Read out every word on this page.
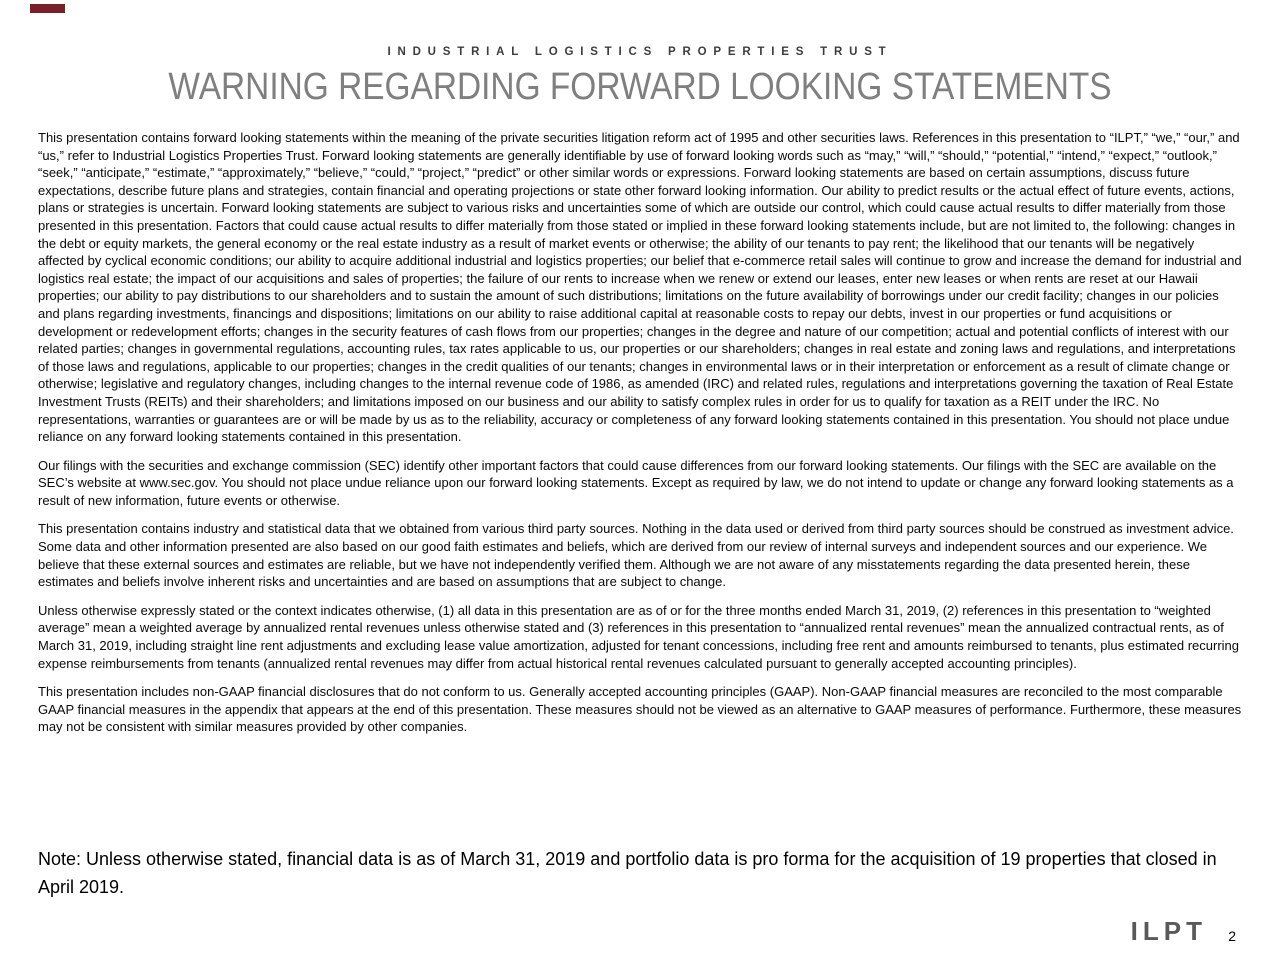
INDUSTRIAL LOGISTICS PROPERTIES TRUST
WARNING REGARDING FORWARD LOOKING STATEMENTS

This presentation contains forward looking statements within the meaning of the private securities litigation reform act of 1995 and other securities laws. References in this presentation to “ILPT,” “we,” “our,” and “us,” refer to Industrial Logistics Properties Trust. Forward looking statements are generally identifiable by use of forward looking words such as “may,” “will,” “should,” “potential,” “intend,” “expect,” “outlook,” “seek,” “anticipate,” “estimate,” “approximately,” “believe,” “could,” “project,” “predict” or other similar words or expressions. Forward looking statements are based on certain assumptions, discuss future expectations, describe future plans and strategies, contain financial and operating projections or state other forward looking information. Our ability to predict results or the actual effect of future events, actions, plans or strategies is uncertain. Forward looking statements are subject to various risks and uncertainties some of which are outside our control, which could cause actual results to differ materially from those presented in this presentation. Factors that could cause actual results to differ materially from those stated or implied in these forward looking statements include, but are not limited to, the following: changes in the debt or equity markets, the general economy or the real estate industry as a result of market events or otherwise; the ability of our tenants to pay rent; the likelihood that our tenants will be negatively affected by cyclical economic conditions; our ability to acquire additional industrial and logistics properties; our belief that e-commerce retail sales will continue to grow and increase the demand for industrial and logistics real estate; the impact of our acquisitions and sales of properties; the failure of our rents to increase when we renew or extend our leases, enter new leases or when rents are reset at our Hawaii properties; our ability to pay distributions to our shareholders and to sustain the amount of such distributions; limitations on the future availability of borrowings under our credit facility; changes in our policies and plans regarding investments, financings and dispositions; limitations on our ability to raise additional capital at reasonable costs to repay our debts, invest in our properties or fund acquisitions or development or redevelopment efforts; changes in the security features of cash flows from our properties; changes in the degree and nature of our competition; actual and potential conflicts of interest with our related parties; changes in governmental regulations, accounting rules, tax rates applicable to us, our properties or our shareholders; changes in real estate and zoning laws and regulations, and interpretations of those laws and regulations, applicable to our properties; changes in the credit qualities of our tenants; changes in environmental laws or in their interpretation or enforcement as a result of climate change or otherwise; legislative and regulatory changes, including changes to the internal revenue code of 1986, as amended (IRC) and related rules, regulations and interpretations governing the taxation of Real Estate Investment Trusts (REITs) and their shareholders; and limitations imposed on our business and our ability to satisfy complex rules in order for us to qualify for taxation as a REIT under the IRC. No representations, warranties or guarantees are or will be made by us as to the reliability, accuracy or completeness of any forward looking statements contained in this presentation. You should not place undue reliance on any forward looking statements contained in this presentation.

Our filings with the securities and exchange commission (SEC) identify other important factors that could cause differences from our forward looking statements. Our filings with the SEC are available on the SEC’s website at www.sec.gov. You should not place undue reliance upon our forward looking statements. Except as required by law, we do not intend to update or change any forward looking statements as a result of new information, future events or otherwise.

This presentation contains industry and statistical data that we obtained from various third party sources. Nothing in the data used or derived from third party sources should be construed as investment advice. Some data and other information presented are also based on our good faith estimates and beliefs, which are derived from our review of internal surveys and independent sources and our experience. We believe that these external sources and estimates are reliable, but we have not independently verified them. Although we are not aware of any misstatements regarding the data presented herein, these estimates and beliefs involve inherent risks and uncertainties and are based on assumptions that are subject to change.

Unless otherwise expressly stated or the context indicates otherwise, (1) all data in this presentation are as of or for the three months ended March 31, 2019, (2) references in this presentation to “weighted average” mean a weighted average by annualized rental revenues unless otherwise stated and (3) references in this presentation to “annualized rental revenues” mean the annualized contractual rents, as of March 31, 2019, including straight line rent adjustments and excluding lease value amortization, adjusted for tenant concessions, including free rent and amounts reimbursed to tenants, plus estimated recurring expense reimbursements from tenants (annualized rental revenues may differ from actual historical rental revenues calculated pursuant to generally accepted accounting principles).

This presentation includes non-GAAP financial disclosures that do not conform to us. Generally accepted accounting principles (GAAP). Non-GAAP financial measures are reconciled to the most comparable GAAP financial measures in the appendix that appears at the end of this presentation. These measures should not be viewed as an alternative to GAAP measures of performance. Furthermore, these measures may not be consistent with similar measures provided by other companies.

Note: Unless otherwise stated, financial data is as of March 31, 2019 and portfolio data is pro forma for the acquisition of 19 properties that closed in April 2019.
ILPT 2
